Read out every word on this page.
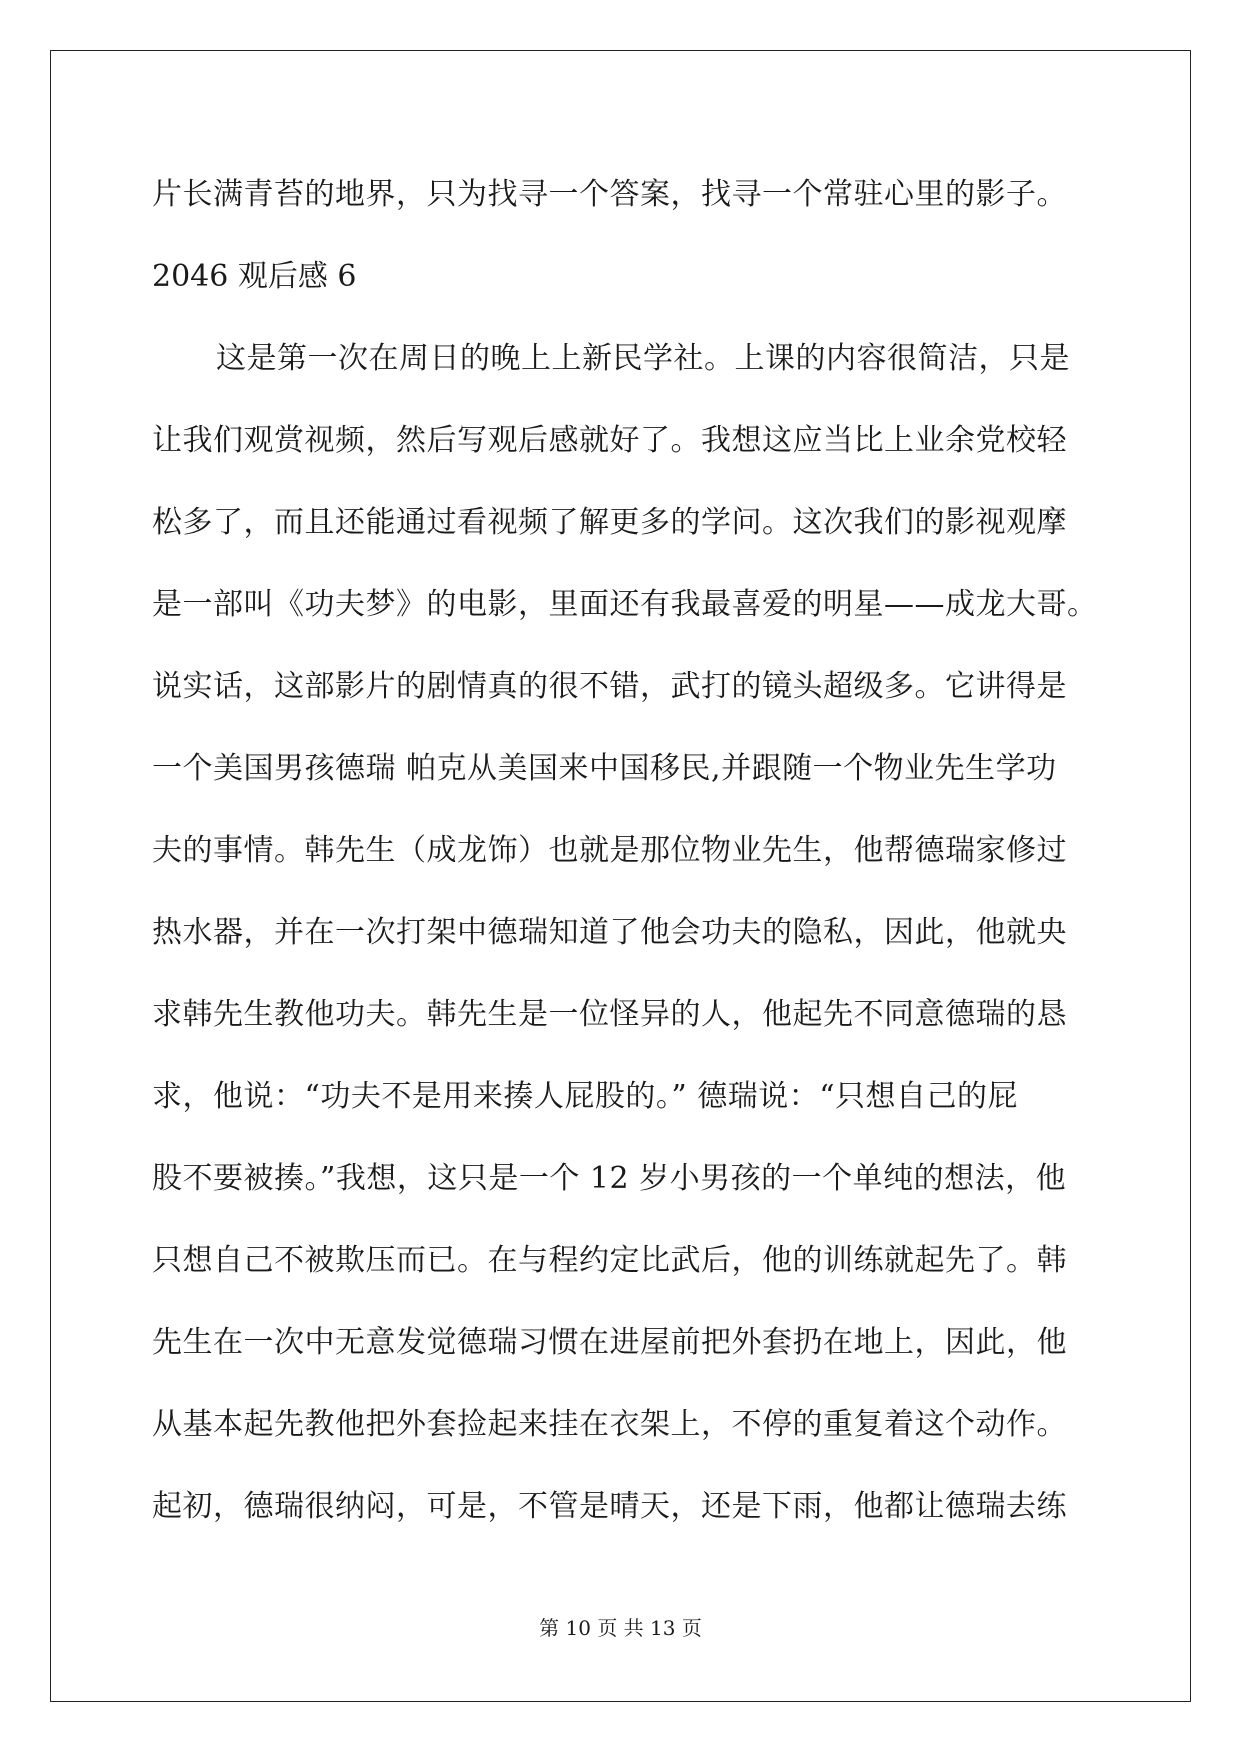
片长满青苔的地界，只为找寻一个答案，找寻一个常驻心里的影子。
2046 观后感 6
这是第一次在周日的晚上上新民学社。上课的内容很简洁，只是
让我们观赏视频，然后写观后感就好了。我想这应当比上业余党校轻
松多了，而且还能通过看视频了解更多的学问。这次我们的影视观摩
是一部叫《功夫梦》的电影，里面还有我最喜爱的明星——成龙大哥。
说实话，这部影片的剧情真的很不错，武打的镜头超级多。它讲得是
一个美国男孩德瑞 帕克从美国来中国移民,并跟随一个物业先生学功
夫的事情。韩先生（成龙饰）也就是那位物业先生，他帮德瑞家修过
热水器，并在一次打架中德瑞知道了他会功夫的隐私，因此，他就央
求韩先生教他功夫。韩先生是一位怪异的人，他起先不同意德瑞的恳
求，他说：“功夫不是用来揍人屁股的。” 德瑞说：“只想自己的屁
股不要被揍。”我想，这只是一个 12 岁小男孩的一个单纯的想法，他
只想自己不被欺压而已。在与程约定比武后，他的训练就起先了。韩
先生在一次中无意发觉德瑞习惯在进屋前把外套扔在地上，因此，他
从基本起先教他把外套捡起来挂在衣架上，不停的重复着这个动作。
起初，德瑞很纳闷，可是，不管是晴天，还是下雨，他都让德瑞去练
第 10 页 共 13 页
